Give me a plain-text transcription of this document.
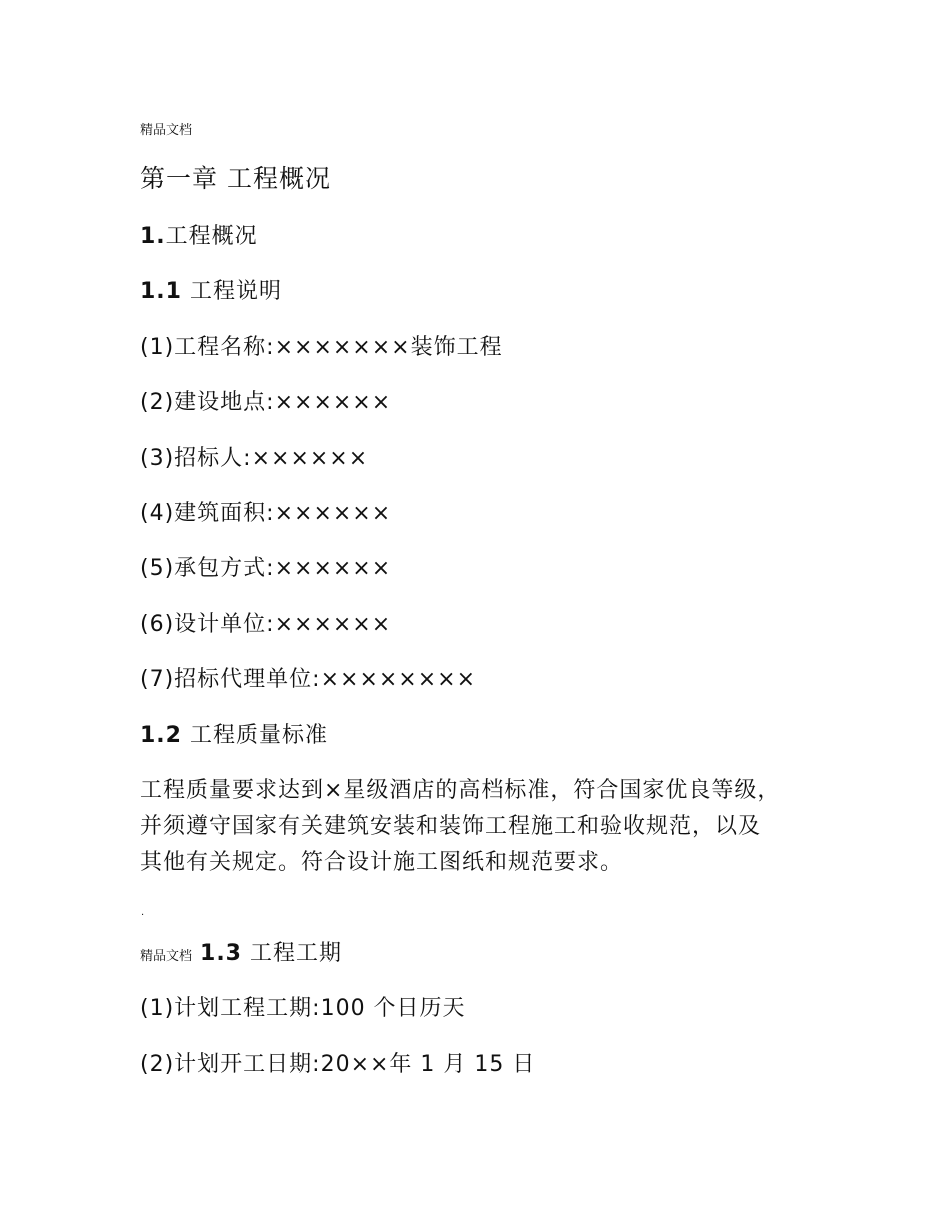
精品文档
第一章 工程概况
1.工程概况
1.1 工程说明
(1)工程名称:×××××××装饰工程
(2)建设地点:××××××
(3)招标人:××××××
(4)建筑面积:××××××
(5)承包方式:××××××
(6)设计单位:××××××
(7)招标代理单位:××××××××
1.2 工程质量标准
工程质量要求达到×星级酒店的高档标准，符合国家优良等级，
并须遵守国家有关建筑安装和装饰工程施工和验收规范，以及
其他有关规定。符合设计施工图纸和规范要求。
.
精品文档 1.3 工程工期
(1)计划工程工期:100 个日历天
(2)计划开工日期:20××年 1 月 15 日
